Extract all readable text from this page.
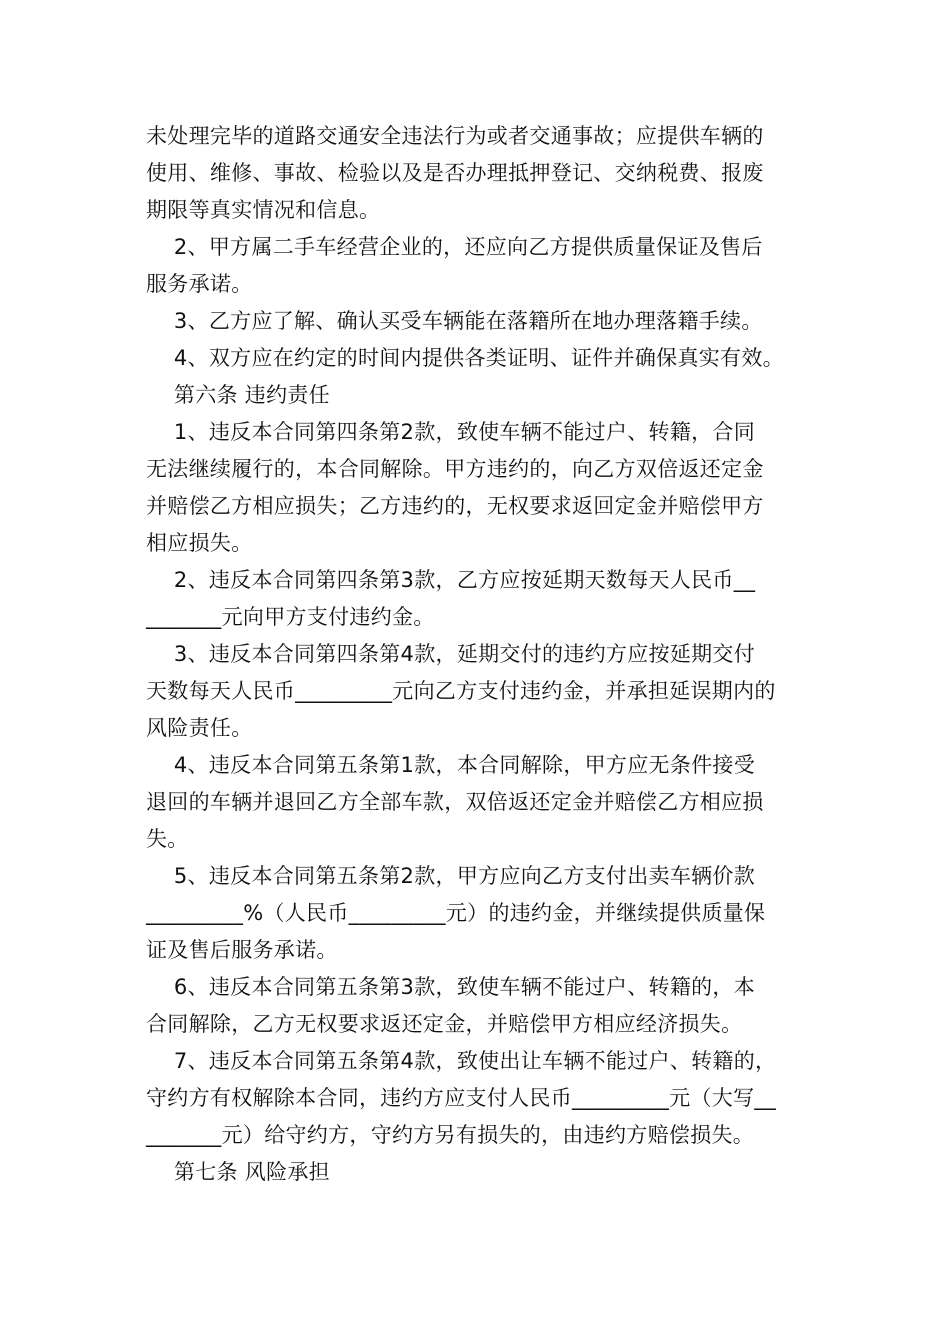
未处理完毕的道路交通安全违法行为或者交通事故；应提供车辆的
使用、维修、事故、检验以及是否办理抵押登记、交纳税费、报废
期限等真实情况和信息。
2、甲方属二手车经营企业的，还应向乙方提供质量保证及售后
服务承诺。
3、乙方应了解、确认买受车辆能在落籍所在地办理落籍手续。
4、双方应在约定的时间内提供各类证明、证件并确保真实有效。
第六条 违约责任
1、违反本合同第四条第2款，致使车辆不能过户、转籍，合同
无法继续履行的，本合同解除。甲方违约的，向乙方双倍返还定金
并赔偿乙方相应损失；乙方违约的，无权要求返回定金并赔偿甲方
相应损失。
2、违反本合同第四条第3款，乙方应按延期天数每天人民币__
_______元向甲方支付违约金。
3、违反本合同第四条第4款，延期交付的违约方应按延期交付
天数每天人民币_________元向乙方支付违约金，并承担延误期内的
风险责任。
4、违反本合同第五条第1款，本合同解除，甲方应无条件接受
退回的车辆并退回乙方全部车款，双倍返还定金并赔偿乙方相应损
失。
5、违反本合同第五条第2款，甲方应向乙方支付出卖车辆价款
_________%（人民币_________元）的违约金，并继续提供质量保
证及售后服务承诺。
6、违反本合同第五条第3款，致使车辆不能过户、转籍的，本
合同解除，乙方无权要求返还定金，并赔偿甲方相应经济损失。
7、违反本合同第五条第4款，致使出让车辆不能过户、转籍的，
守约方有权解除本合同，违约方应支付人民币_________元（大写__
_______元）给守约方，守约方另有损失的，由违约方赔偿损失。
第七条 风险承担
